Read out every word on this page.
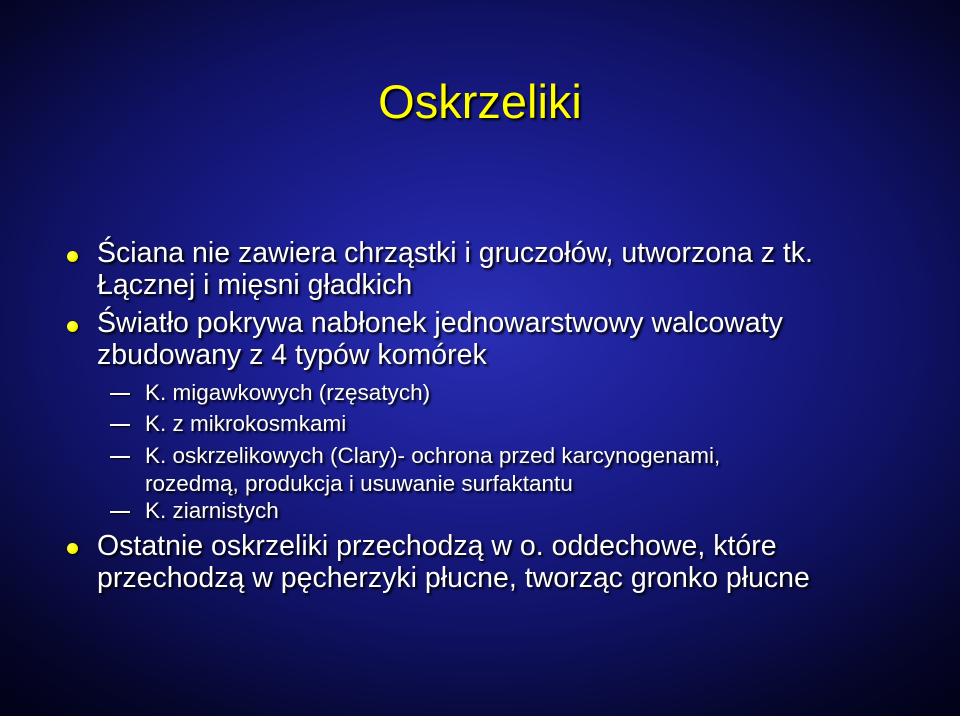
Oskrzeliki
Ściana nie zawiera chrząstki i gruczołów, utworzona z tk.
Łącznej i mięsni gładkich
Światło pokrywa nabłonek jednowarstwowy walcowaty
zbudowany z 4 typów komórek
K. migawkowych (rzęsatych)
K. z mikrokosmkami
K. oskrzelikowych (Clary)- ochrona przed karcynogenami,
rozedmą, produkcja i usuwanie surfaktantu
K. ziarnistych
Ostatnie oskrzeliki przechodzą w o. oddechowe, które
przechodzą w pęcherzyki płucne, tworząc gronko płucne
